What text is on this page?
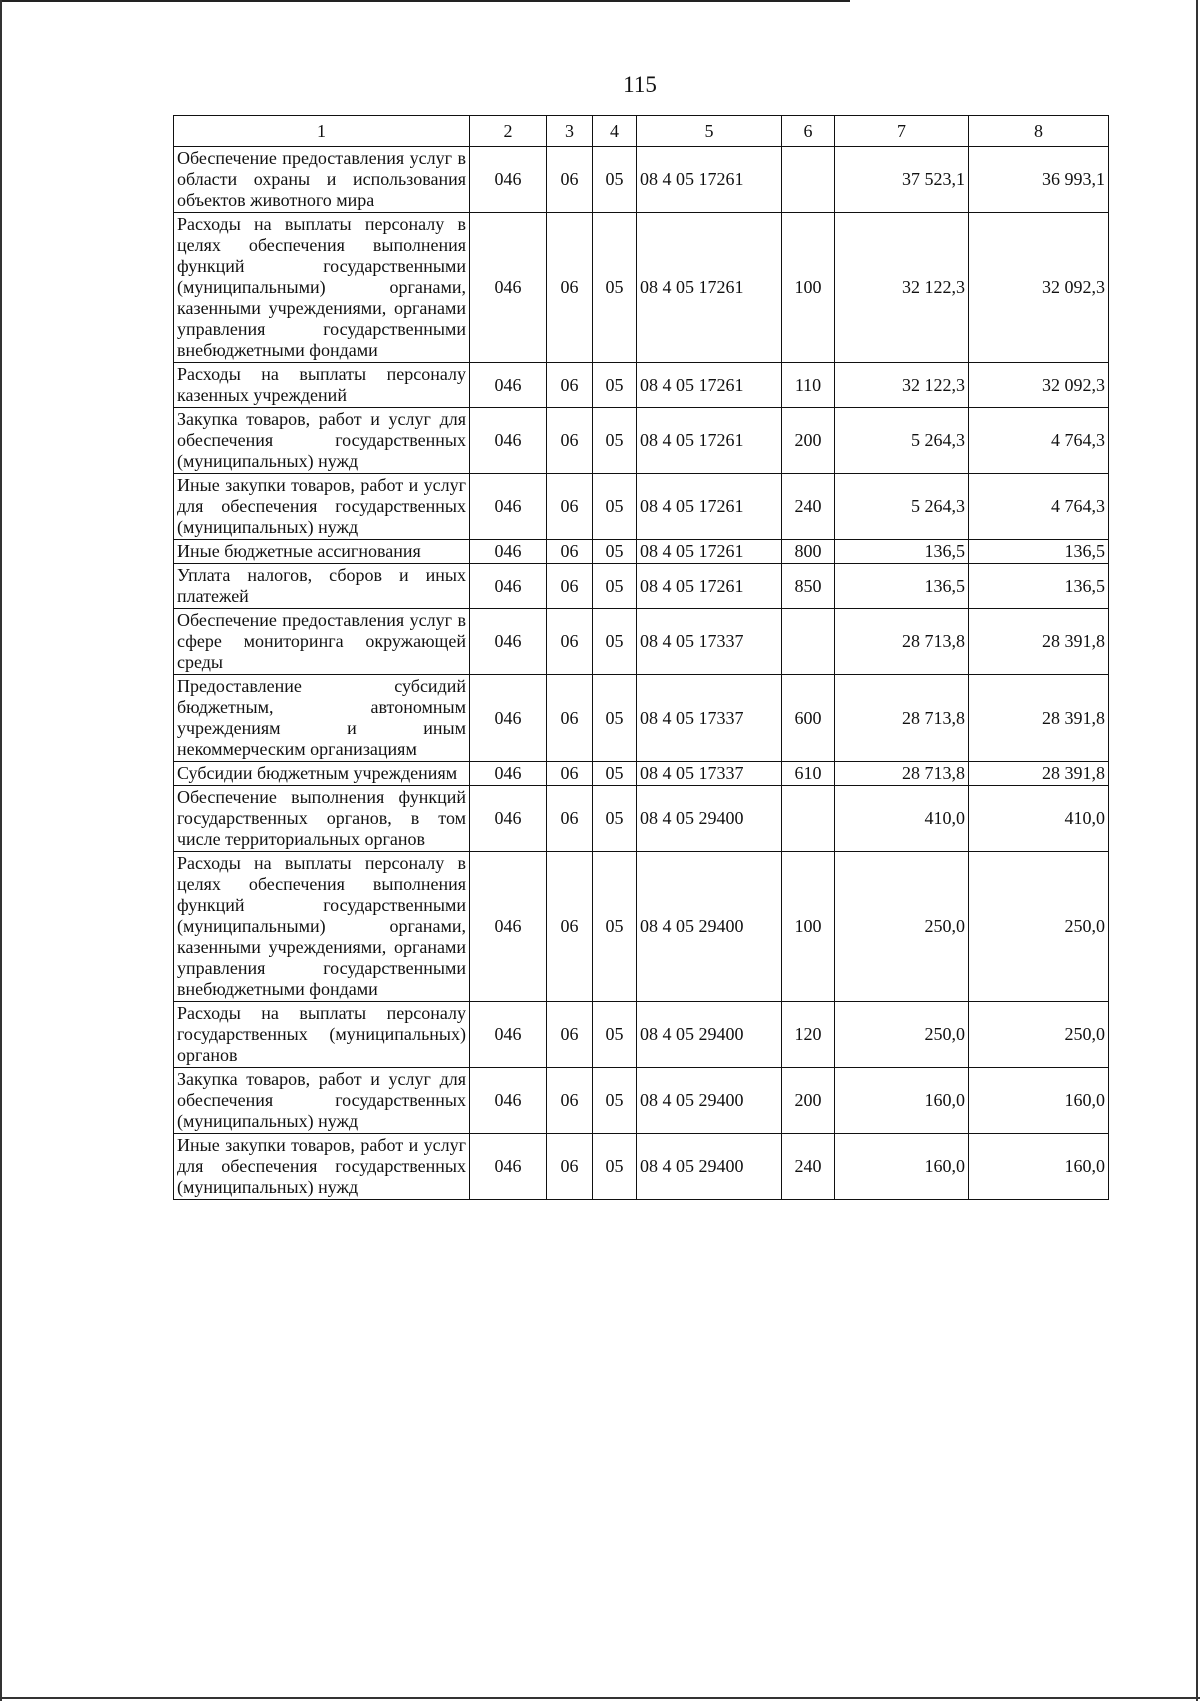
115
1	2	3	4	5	6	7	8
Обеспечение предоставления услуг в области охраны и использования объектов животного мира	046	06	05	08 4 05 17261		37 523,1	36 993,1
Расходы на выплаты персоналу в целях обеспечения выполнения функций государственными (муниципальными) органами, казенными учреждениями, органами управления государственными внебюджетными фондами	046	06	05	08 4 05 17261	100	32 122,3	32 092,3
Расходы на выплаты персоналу казенных учреждений	046	06	05	08 4 05 17261	110	32 122,3	32 092,3
Закупка товаров, работ и услуг для обеспечения государственных (муниципальных) нужд	046	06	05	08 4 05 17261	200	5 264,3	4 764,3
Иные закупки товаров, работ и услуг для обеспечения государственных (муниципальных) нужд	046	06	05	08 4 05 17261	240	5 264,3	4 764,3
Иные бюджетные ассигнования	046	06	05	08 4 05 17261	800	136,5	136,5
Уплата налогов, сборов и иных платежей	046	06	05	08 4 05 17261	850	136,5	136,5
Обеспечение предоставления услуг в сфере мониторинга окружающей среды	046	06	05	08 4 05 17337		28 713,8	28 391,8
Предоставление субсидий бюджетным, автономным учреждениям и иным некоммерческим организациям	046	06	05	08 4 05 17337	600	28 713,8	28 391,8
Субсидии бюджетным учреждениям	046	06	05	08 4 05 17337	610	28 713,8	28 391,8
Обеспечение выполнения функций государственных органов, в том числе территориальных органов	046	06	05	08 4 05 29400		410,0	410,0
Расходы на выплаты персоналу в целях обеспечения выполнения функций государственными (муниципальными) органами, казенными учреждениями, органами управления государственными внебюджетными фондами	046	06	05	08 4 05 29400	100	250,0	250,0
Расходы на выплаты персоналу государственных (муниципальных) органов	046	06	05	08 4 05 29400	120	250,0	250,0
Закупка товаров, работ и услуг для обеспечения государственных (муниципальных) нужд	046	06	05	08 4 05 29400	200	160,0	160,0
Иные закупки товаров, работ и услуг для обеспечения государственных (муниципальных) нужд	046	06	05	08 4 05 29400	240	160,0	160,0
